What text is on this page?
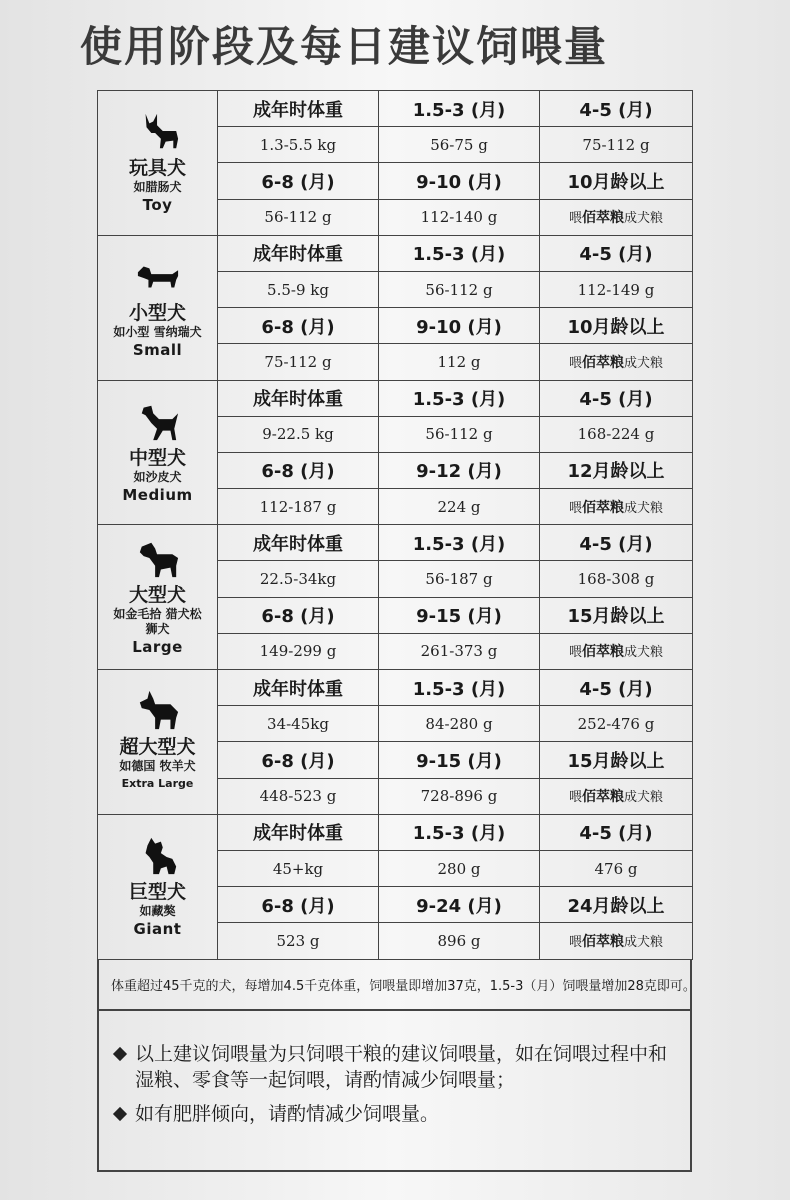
使用阶段及每日建议饲喂量
玩具犬
如腊肠犬
Toy	成年时体重	1.5-3 (月)	4-5 (月)
	1.3-5.5 kg	56-75 g	75-112 g
	6-8 (月)	9-10 (月)	10月龄以上
	56-112 g	112-140 g	喂佰萃粮成犬粮

小型犬
如小型 雪纳瑞犬
Small	成年时体重	1.5-3 (月)	4-5 (月)
	5.5-9 kg	56-112 g	112-149 g
	6-8 (月)	9-10 (月)	10月龄以上
	75-112 g	112 g	喂佰萃粮成犬粮

中型犬
如沙皮犬
Medium	成年时体重	1.5-3 (月)	4-5 (月)
	9-22.5 kg	56-112 g	168-224 g
	6-8 (月)	9-12 (月)	12月龄以上
	112-187 g	224 g	喂佰萃粮成犬粮

大型犬
如金毛拾 猎犬松狮犬
Large	成年时体重	1.5-3 (月)	4-5 (月)
	22.5-34kg	56-187 g	168-308 g
	6-8 (月)	9-15 (月)	15月龄以上
	149-299 g	261-373 g	喂佰萃粮成犬粮

超大型犬
如德国 牧羊犬
Extra Large	成年时体重	1.5-3 (月)	4-5 (月)
	34-45kg	84-280 g	252-476 g
	6-8 (月)	9-15 (月)	15月龄以上
	448-523 g	728-896 g	喂佰萃粮成犬粮

巨型犬
如藏獒
Giant	成年时体重	1.5-3 (月)	4-5 (月)
	45+kg	280 g	476 g
	6-8 (月)	9-24 (月)	24月龄以上
	523 g	896 g	喂佰萃粮成犬粮
体重超过45千克的犬，每增加4.5千克体重，饲喂量即增加37克，1.5-3（月）饲喂量增加28克即可。
以上建议饲喂量为只饲喂干粮的建议饲喂量，如在饲喂过程中和湿粮、零食等一起饲喂，请酌情减少饲喂量；
如有肥胖倾向，请酌情减少饲喂量。
